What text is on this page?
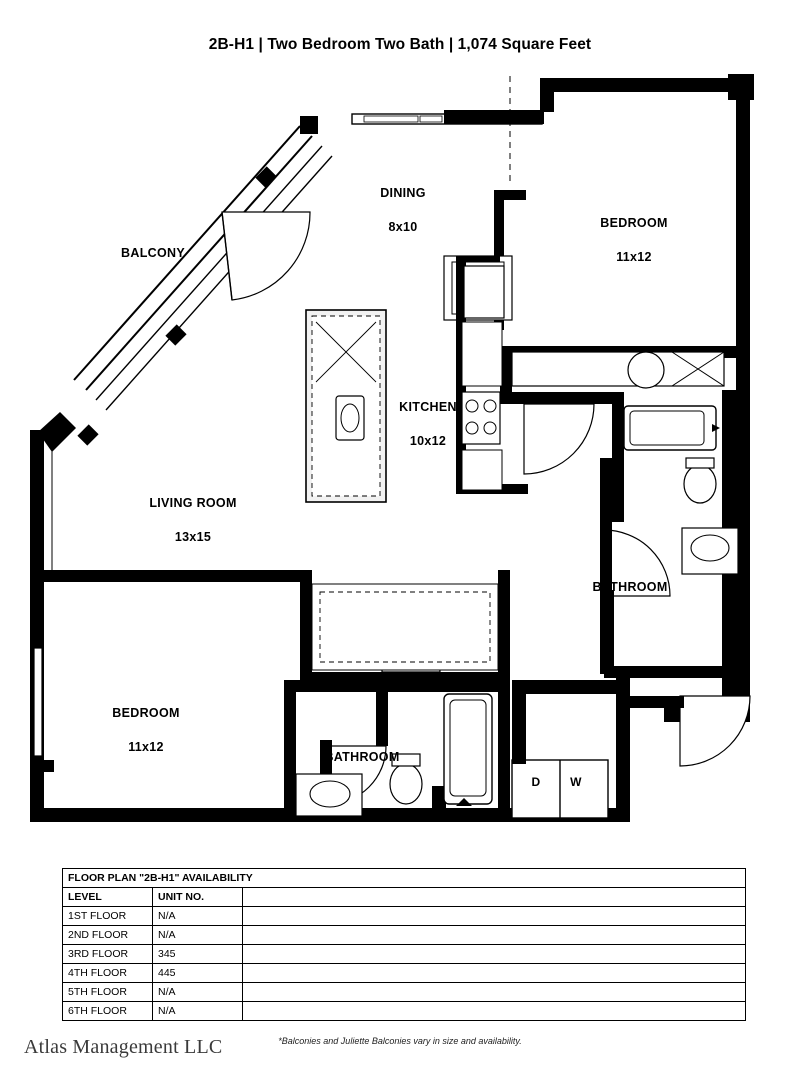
2B-H1 | Two Bedroom Two Bath | 1,074 Square Feet

BALCONY

DINING

8x10	BEDROOM

11x12

KITCHEN

10x12

LIVING ROOM

13x15

BATHROOM

BEDROOM

11x12

BATHROOM

D	W
FLOOR PLAN "2B-H1" AVAILABILITY		
LEVEL	UNIT NO.	
1ST FLOOR	N/A	
2ND FLOOR	N/A	
3RD FLOOR	345	
4TH FLOOR	445	
5TH FLOOR	N/A	
6TH FLOOR	N/A	
*Balconies and Juliette Balconies vary in size and availability.
Atlas Management LLC
